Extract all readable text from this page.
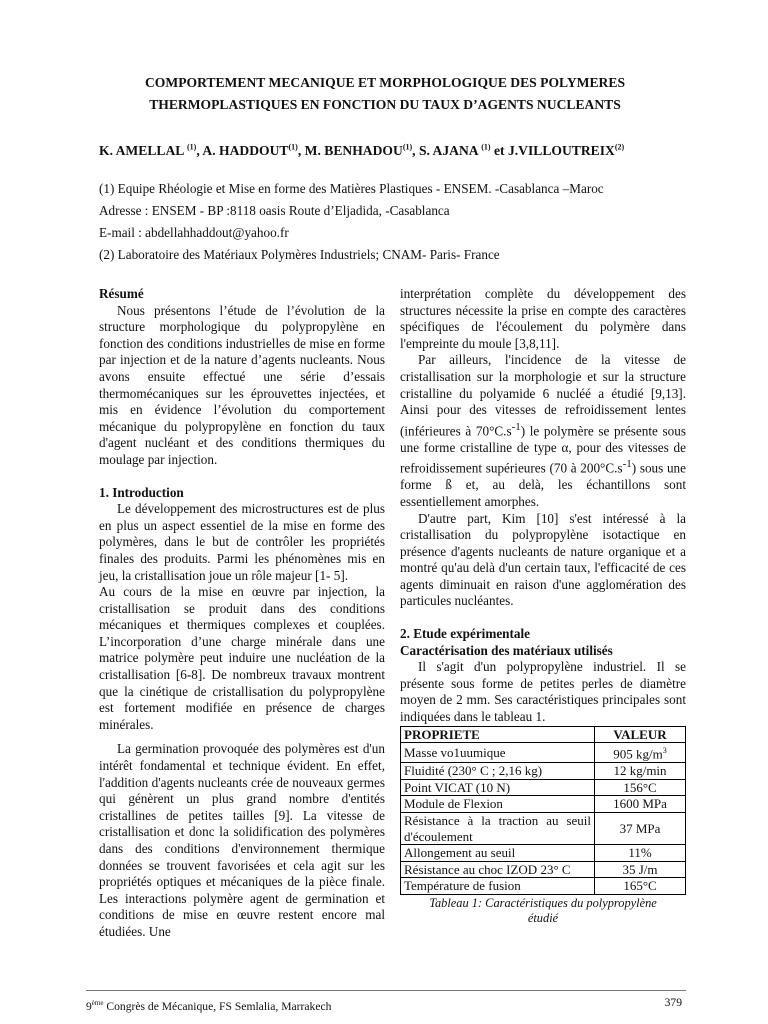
COMPORTEMENT MECANIQUE ET MORPHOLOGIQUE DES POLYMERES
THERMOPLASTIQUES EN FONCTION DU TAUX D’AGENTS NUCLEANTS
K. AMELLAL $^{(1)}$, A. HADDOUT$^{(1)}$, M. BENHADOU$^{(1)}$, S. AJANA $^{(1)}$ et J.VILLOUTREIX$^{(2)}$
(1) Equipe Rhéologie et Mise en forme des Matières Plastiques - ENSEM. -Casablanca –Maroc
Adresse : ENSEM - BP :8118 oasis Route d’Eljadida, -Casablanca
E-mail : abdellahhaddout@yahoo.fr
(2) Laboratoire des Matériaux Polymères Industriels; CNAM- Paris- France
Résumé

Nous présentons l’étude de l’évolution de la structure morphologique du polypropylène en fonction des conditions industrielles de mise en forme par injection et de la nature d’agents nucleants. Nous avons ensuite effectué une série d’essais thermomécaniques sur les éprouvettes injectées, et mis en évidence l’évolution du comportement mécanique du polypropylène en fonction du taux d'agent nucléant et des conditions thermiques du moulage par injection.

1. Introduction

Le développement des microstructures est de plus en plus un aspect essentiel de la mise en forme des polymères, dans le but de contrôler les propriétés finales des produits. Parmi les phénomènes mis en jeu, la cristallisation joue un rôle majeur [1- 5].

Au cours de la mise en œuvre par injection, la cristallisation se produit dans des conditions mécaniques et thermiques complexes et couplées. L’incorporation d’une charge minérale dans une matrice polymère peut induire une nucléation de la cristallisation [6-8]. De nombreux travaux montrent que la cinétique de cristallisation du polypropylène est fortement modifiée en présence de charges minérales.

La germination provoquée des polymères est d'un intérêt fondamental et technique évident. En effet, l'addition d'agents nucleants crée de nouveaux germes qui génèrent un plus grand nombre d'entités cristallines de petites tailles [9]. La vitesse de cristallisation et donc la solidification des polymères dans des conditions d'environnement thermique données se trouvent favorisées et cela agit sur les propriétés optiques et mécaniques de la pièce finale. Les interactions polymère agent de germination et conditions de mise en œuvre restent encore mal étudiées. Une

interprétation complète du développement des structures nécessite la prise en compte des caractères spécifiques de l'écoulement du polymère dans l'empreinte du moule [3,8,11].

Par ailleurs, l'incidence de la vitesse de cristallisation sur la morphologie et sur la structure cristalline du polyamide 6 nucléé a étudié [9,13]. Ainsi pour des vitesses de refroidissement lentes (inférieures à $70^\circ C.s^{-1}$) le polymère se présente sous une forme cristalline de type α, pour des vitesses de refroidissement supérieures (70 à $200^\circ C.s^{-1}$) sous une forme ß et, au delà, les échantillons sont essentiellement amorphes.

D'autre part, Kim [10] s'est intéressé à la cristallisation du polypropylène isotactique en présence d'agents nucleants de nature organique et a montré qu'au delà d'un certain taux, l'efficacité de ces agents diminuait en raison d'une agglomération des particules nucléantes.

2. Etude expérimentale
Caractérisation des matériaux utilisés

Il s'agit d'un polypropylène industriel. Il se présente sous forme de petites perles de diamètre moyen de 2 mm. Ses caractéristiques principales sont indiquées dans le tableau 1.

PROPRIETE	VALEUR
Masse vo1uumique	905 $kg/m^3$
Fluidité (230° C ; 2,16 kg)	12 kg/min
Point VICAT (10 N)	156°C
Module de Flexion	1600 MPa
Résistance à la traction au seuil d'écoulement	37 MPa
Allongement au seuil	11%
Résistance au choc IZOD 23° C	35 J/m
Température de fusion	165°C
Tableau 1: Caractéristiques du polypropylène
étudié
9ème Congrès de Mécanique, FS Semlalia, Marrakech	379
